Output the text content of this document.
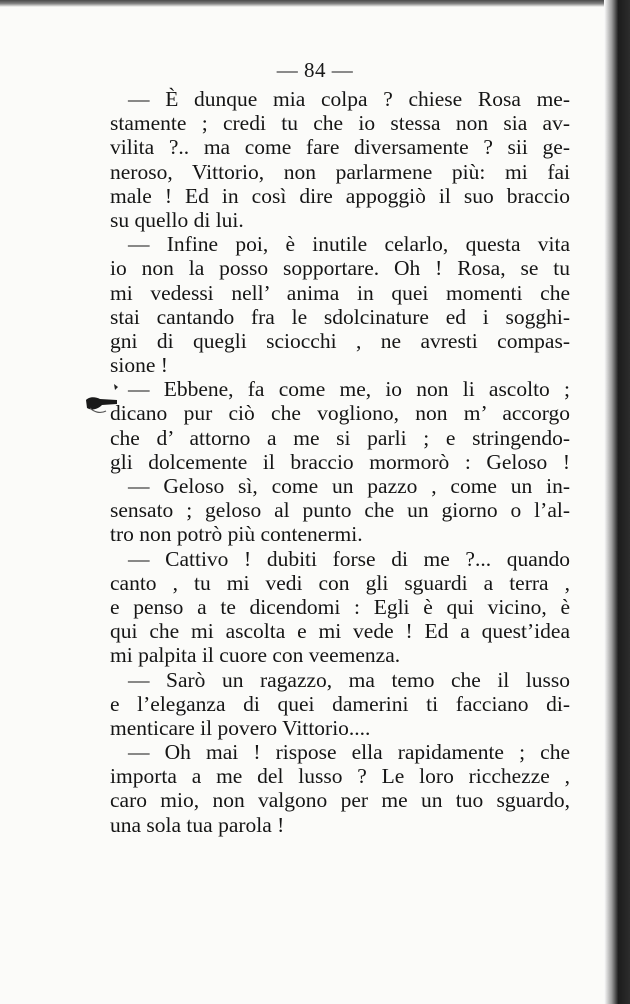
— 84 —
— È dunque mia colpa ? chiese Rosa me-
stamente ; credi tu che io stessa non sia av-
vilita ?.. ma come fare diversamente ? sii ge-
neroso, Vittorio, non parlarmene più: mi fai
male ! Ed in così dire appoggiò il suo braccio
su quello di lui.
— Infine poi, è inutile celarlo, questa vita
io non la posso sopportare. Oh ! Rosa, se tu
mi vedessi nell’ anima in quei momenti che
stai cantando fra le sdolcinature ed i sogghi-
gni di quegli sciocchi , ne avresti compas-
sione !
— Ebbene, fa come me, io non li ascolto ;
dicano pur ciò che vogliono, non m’ accorgo
che d’ attorno a me si parli ; e stringendo-
gli dolcemente il braccio mormorò : Geloso !
— Geloso sì, come un pazzo , come un in-
sensato ; geloso al punto che un giorno o l’al-
tro non potrò più contenermi.
— Cattivo ! dubiti forse di me ?... quando
canto , tu mi vedi con gli sguardi a terra ,
e penso a te dicendomi : Egli è qui vicino, è
qui che mi ascolta e mi vede ! Ed a quest’idea
mi palpita il cuore con veemenza.
— Sarò un ragazzo, ma temo che il lusso
e l’eleganza di quei damerini ti facciano di-
menticare il povero Vittorio....
— Oh mai ! rispose ella rapidamente ; che
importa a me del lusso ? Le loro ricchezze ,
caro mio, non valgono per me un tuo sguardo,
una sola tua parola !
